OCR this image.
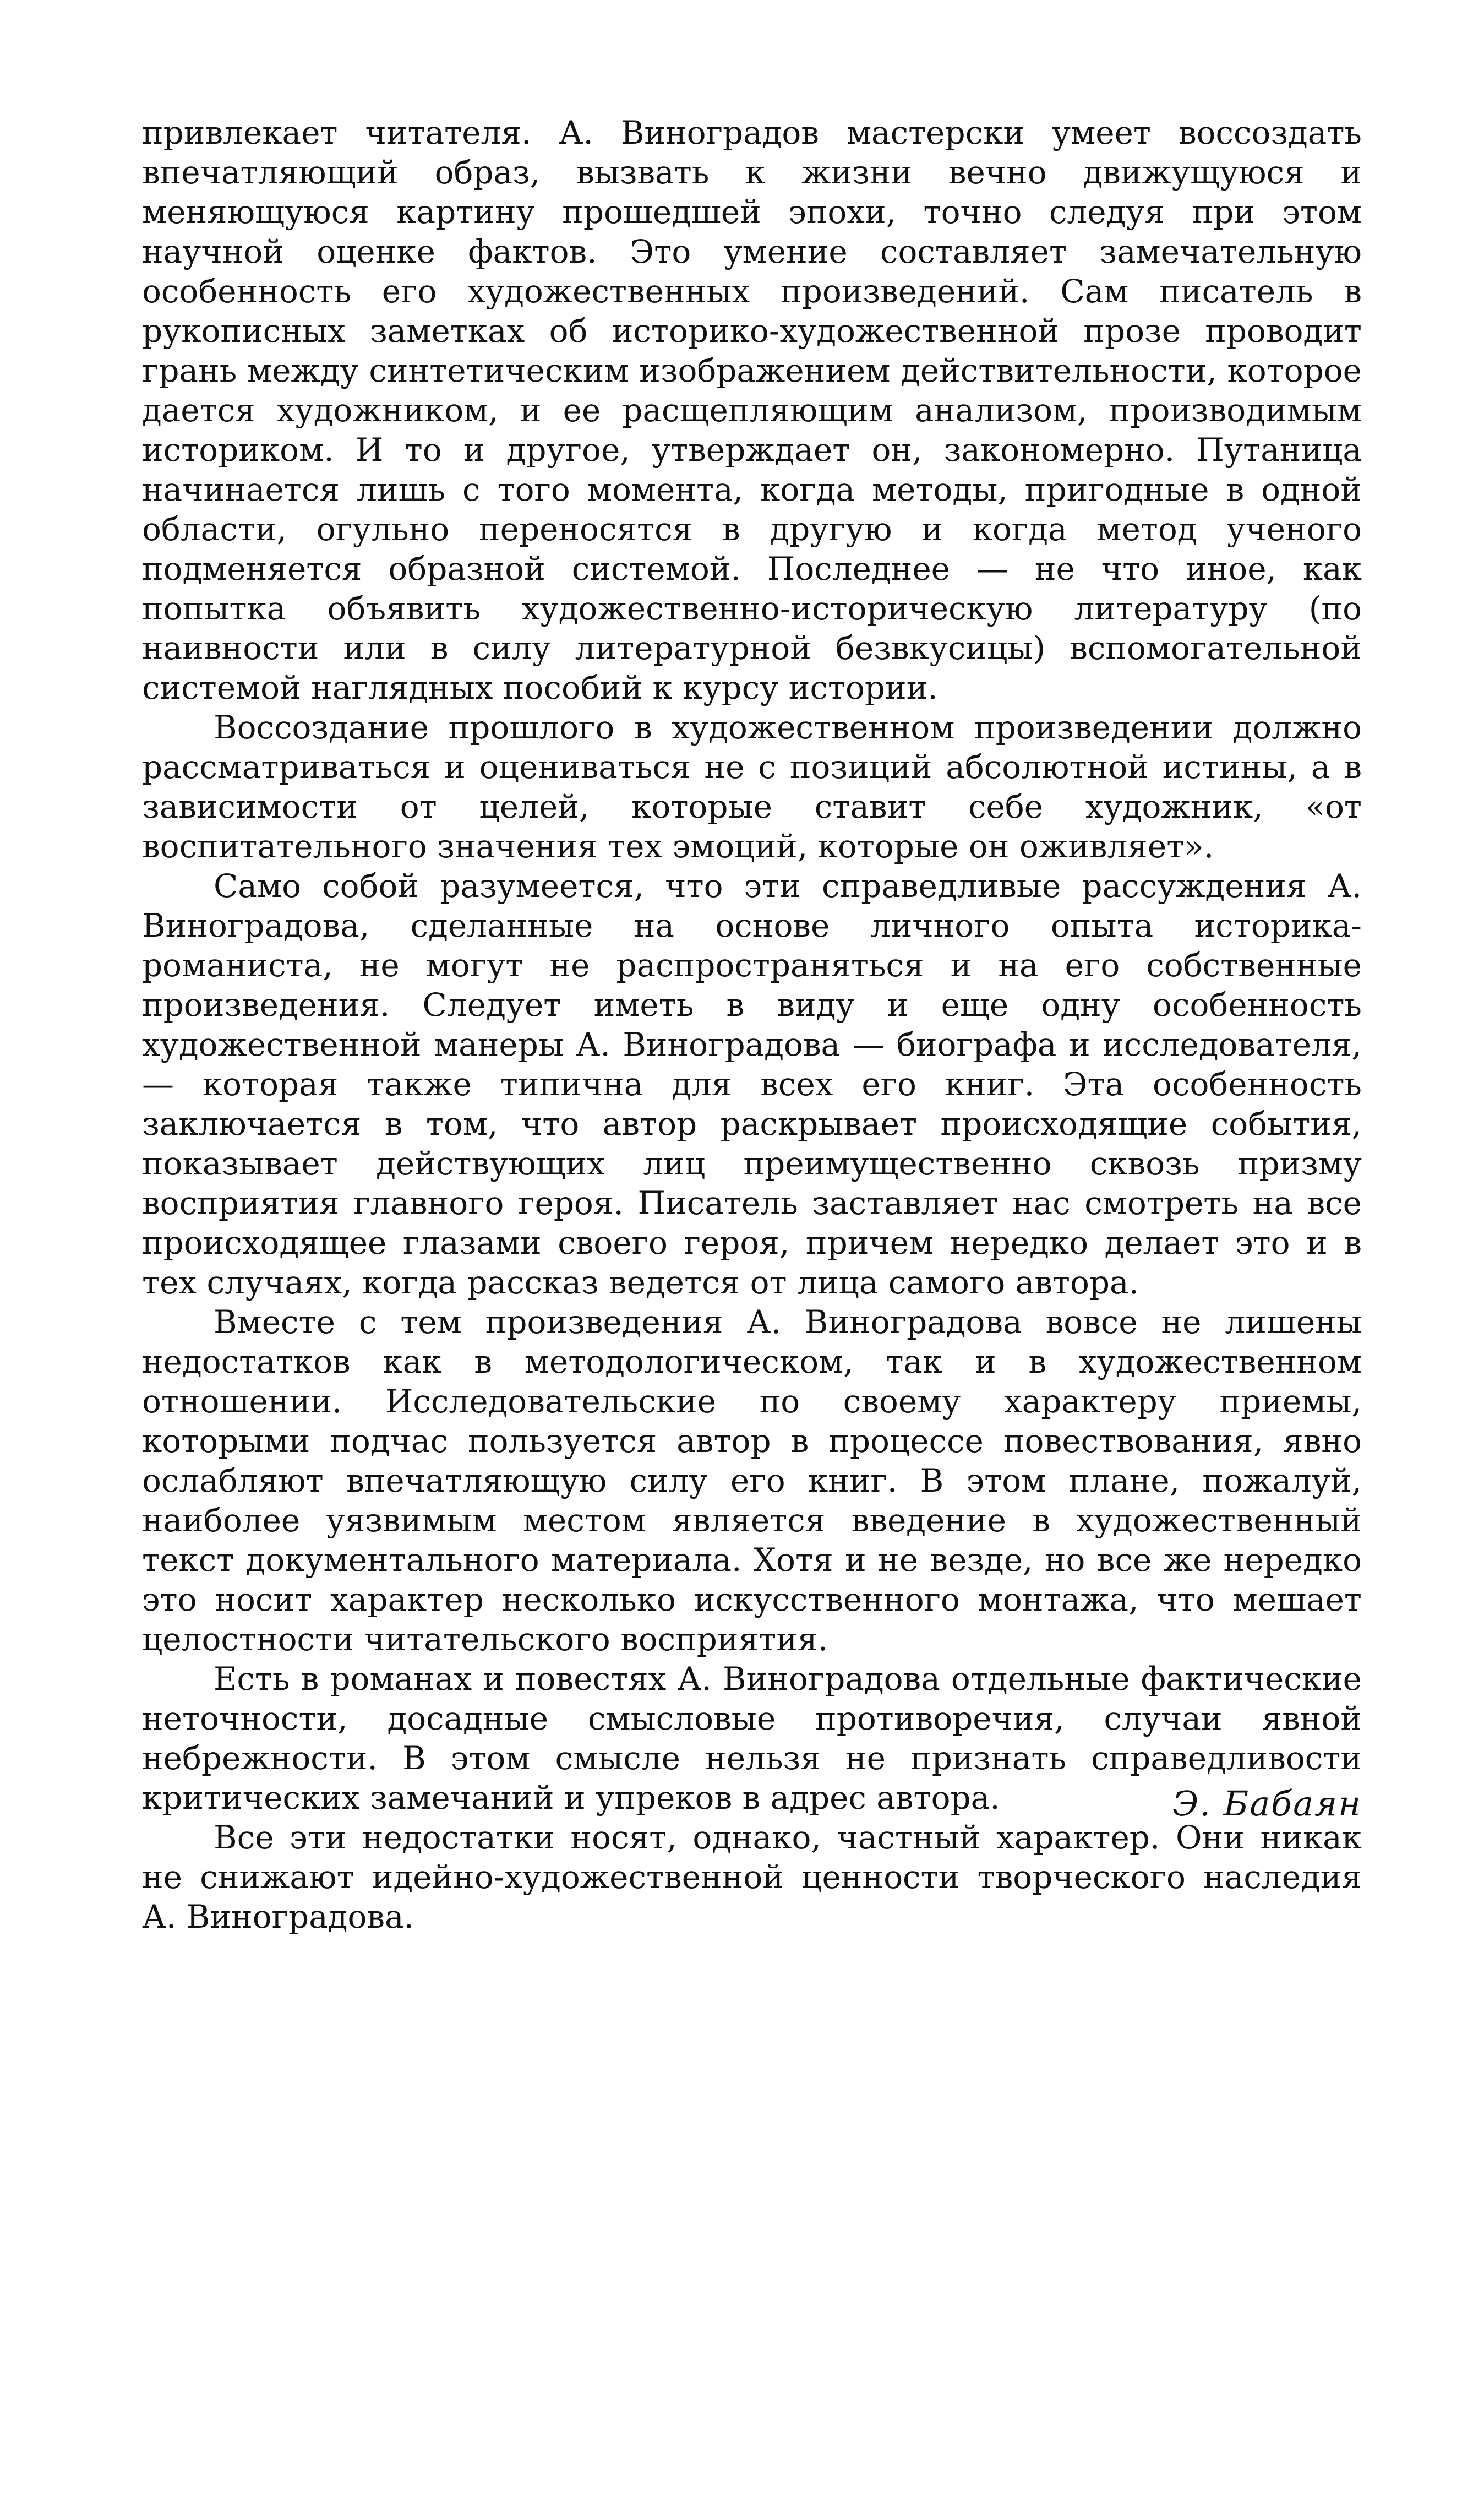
привлекает читателя. А. Виноградов мастерски умеет воссоздать впечатляющий образ, вызвать к жизни вечно движущуюся и меняющуюся картину прошедшей эпохи, точно следуя при этом научной оценке фактов. Это умение составляет замечательную особенность его художественных произведений. Сам писатель в рукописных заметках об историко-художественной прозе проводит грань между синтетическим изображением действительности, которое дается художником, и ее расщепляющим анализом, производимым историком. И то и другое, утверждает он, закономерно. Путаница начинается лишь с того момента, когда методы, пригодные в одной области, огульно переносятся в другую и когда метод ученого подменяется образной системой. Последнее — не что иное, как попытка объявить художественно-историческую литературу (по наивности или в силу литературной безвкусицы) вспомогательной системой наглядных пособий к курсу истории.

Воссоздание прошлого в художественном произведении должно рассматриваться и оцениваться не с позиций абсолютной истины, а в зависимости от целей, которые ставит себе художник, «от воспитательного значения тех эмоций, которые он оживляет».

Само собой разумеется, что эти справедливые рассуждения А. Виноградова, сделанные на основе личного опыта историка-романиста, не могут не распространяться и на его собственные произведения. Следует иметь в виду и еще одну особенность художественной манеры А. Виноградова — биографа и исследователя,— которая также типична для всех его книг. Эта особенность заключается в том, что автор раскрывает происходящие события, показывает действующих лиц преимущественно сквозь призму восприятия главного героя. Писатель заставляет нас смотреть на все происходящее глазами своего героя, причем нередко делает это и в тех случаях, когда рассказ ведется от лица самого автора.

Вместе с тем произведения А. Виноградова вовсе не лишены недостатков как в методологическом, так и в художественном отношении. Исследовательские по своему характеру приемы, которыми подчас пользуется автор в процессе повествования, явно ослабляют впечатляющую силу его книг. В этом плане, пожалуй, наиболее уязвимым местом является введение в художественный текст документального материала. Хотя и не везде, но все же нередко это носит характер несколько искусственного монтажа, что мешает целостности читательского восприятия.

Есть в романах и повестях А. Виноградова отдельные фактические неточности, досадные смысловые противоречия, случаи явной небрежности. В этом смысле нельзя не признать справедливости критических замечаний и упреков в адрес автора.

Все эти недостатки носят, однако, частный характер. Они никак не снижают идейно-художественной ценности творческого наследия А. Виноградова.

Э. Бабаян
